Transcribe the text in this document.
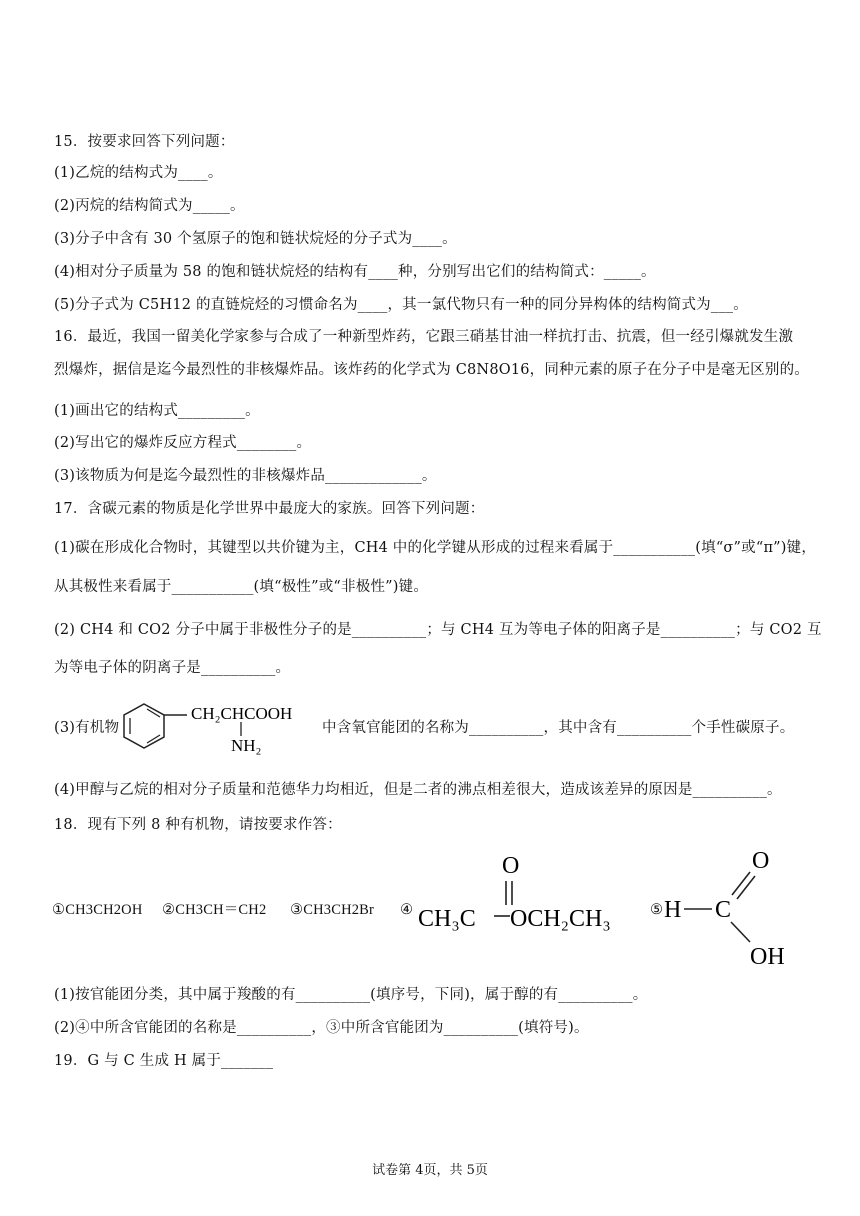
15．按要求回答下列问题：
(1)乙烷的结构式为____。
(2)丙烷的结构简式为_____。
(3)分子中含有 30 个氢原子的饱和链状烷烃的分子式为____。
(4)相对分子质量为 58 的饱和链状烷烃的结构有____种，分别写出它们的结构简式：_____。
(5)分子式为 C5H12 的直链烷烃的习惯命名为____，其一氯代物只有一种的同分异构体的结构简式为___。
16．最近，我国一留美化学家参与合成了一种新型炸药，它跟三硝基甘油一样抗打击、抗震，但一经引爆就发生激
烈爆炸，据信是迄今最烈性的非核爆炸品。该炸药的化学式为 C8N8O16，同种元素的原子在分子中是毫无区别的。
(1)画出它的结构式_________。
(2)写出它的爆炸反应方程式________。
(3)该物质为何是迄今最烈性的非核爆炸品_____________。
17．含碳元素的物质是化学世界中最庞大的家族。回答下列问题：
(1)碳在形成化合物时，其键型以共价键为主，CH4 中的化学键从形成的过程来看属于___________(填“σ”或“π”)键，
从其极性来看属于___________(填“极性”或“非极性”)键。
(2) CH4 和 CO2 分子中属于非极性分子的是__________；与 CH4 互为等电子体的阳离子是__________；与 CO2 互
为等电子体的阴离子是__________。
(3)有机物
CH₂CHCOOH
NH₂
中含氧官能团的名称为__________，其中含有__________个手性碳原子。
(4)甲醇与乙烷的相对分子质量和范德华力均相近，但是二者的沸点相差很大，造成该差异的原因是__________。
18．现有下列 8 种有机物，请按要求作答：
①CH3CH2OH ②CH3CH＝CH2 ③CH3CH2Br ④
O
CH₃C OCH₂CH₃	⑤ H C
O
OH
(1)按官能团分类，其中属于羧酸的有__________(填序号，下同)，属于醇的有__________。
(2)④中所含官能团的名称是__________，③中所含官能团为__________(填符号)。
19．G 与 C 生成 H 属于_______
试卷第 4页，共 5页
